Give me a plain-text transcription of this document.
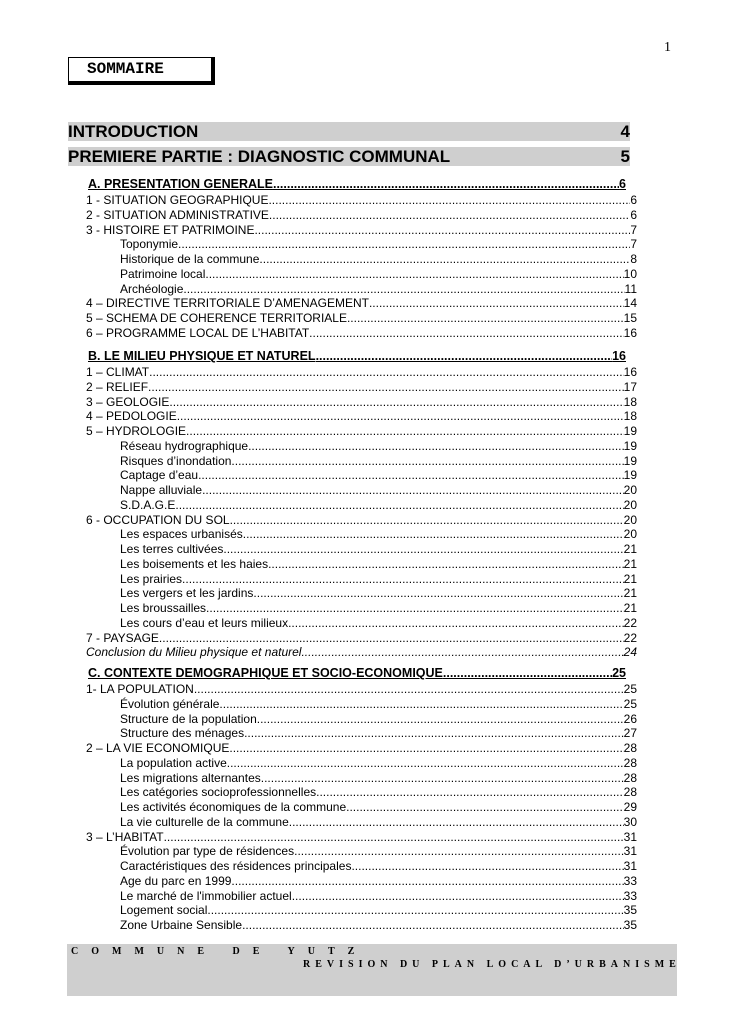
1
SOMMAIRE
INTRODUCTION	4
PREMIERE PARTIE : DIAGNOSTIC COMMUNAL	5
A. PRESENTATION GENERALE .....	6
1 - SITUATION GEOGRAPHIQUE .....	6
2 - SITUATION ADMINISTRATIVE .....	6
3 - HISTOIRE ET PATRIMOINE .....	7
Toponymie .....	7
Historique de la commune .....	8
Patrimoine local .....	10
Archéologie .....	11
4 – DIRECTIVE TERRITORIALE D’AMENAGEMENT .....	14
5 – SCHEMA DE COHERENCE TERRITORIALE .....	15
6 – PROGRAMME LOCAL DE L’HABITAT .....	16
B. LE MILIEU PHYSIQUE ET NATUREL .....	16
1 – CLIMAT .....	16
2 – RELIEF .....	17
3 – GEOLOGIE .....	18
4 – PEDOLOGIE .....	18
5 – HYDROLOGIE .....	19
Réseau hydrographique .....	19
Risques d’inondation .....	19
Captage d’eau .....	19
Nappe alluviale .....	20
S.D.A.G.E. .....	20
6 - OCCUPATION DU SOL .....	20
Les espaces urbanisés .....	20
Les terres cultivées .....	21
Les boisements et les haies .....	21
Les prairies .....	21
Les vergers et les jardins .....	21
Les broussailles .....	21
Les cours d’eau et leurs milieux .....	22
7 - PAYSAGE .....	22
Conclusion du Milieu physique et naturel .....	24
C. CONTEXTE DEMOGRAPHIQUE ET SOCIO-ECONOMIQUE .....	25
1- LA POPULATION .....	25
Évolution générale .....	25
Structure de la population .....	26
Structure des ménages .....	27
2 – LA VIE ECONOMIQUE .....	28
La population active .....	28
Les migrations alternantes .....	28
Les catégories socioprofessionnelles .....	28
Les activités économiques de la commune .....	29
La vie culturelle de la commune .....	30
3 – L’HABITAT .....	31
Évolution par type de résidences .....	31
Caractéristiques des résidences principales .....	31
Age du parc en 1999 .....	33
Le marché de l'immobilier actuel .....	33
Logement social .....	35
Zone Urbaine Sensible .....	35
COMMUNE DE YUTZ
REVISION DU PLAN LOCAL D’URBANISME
